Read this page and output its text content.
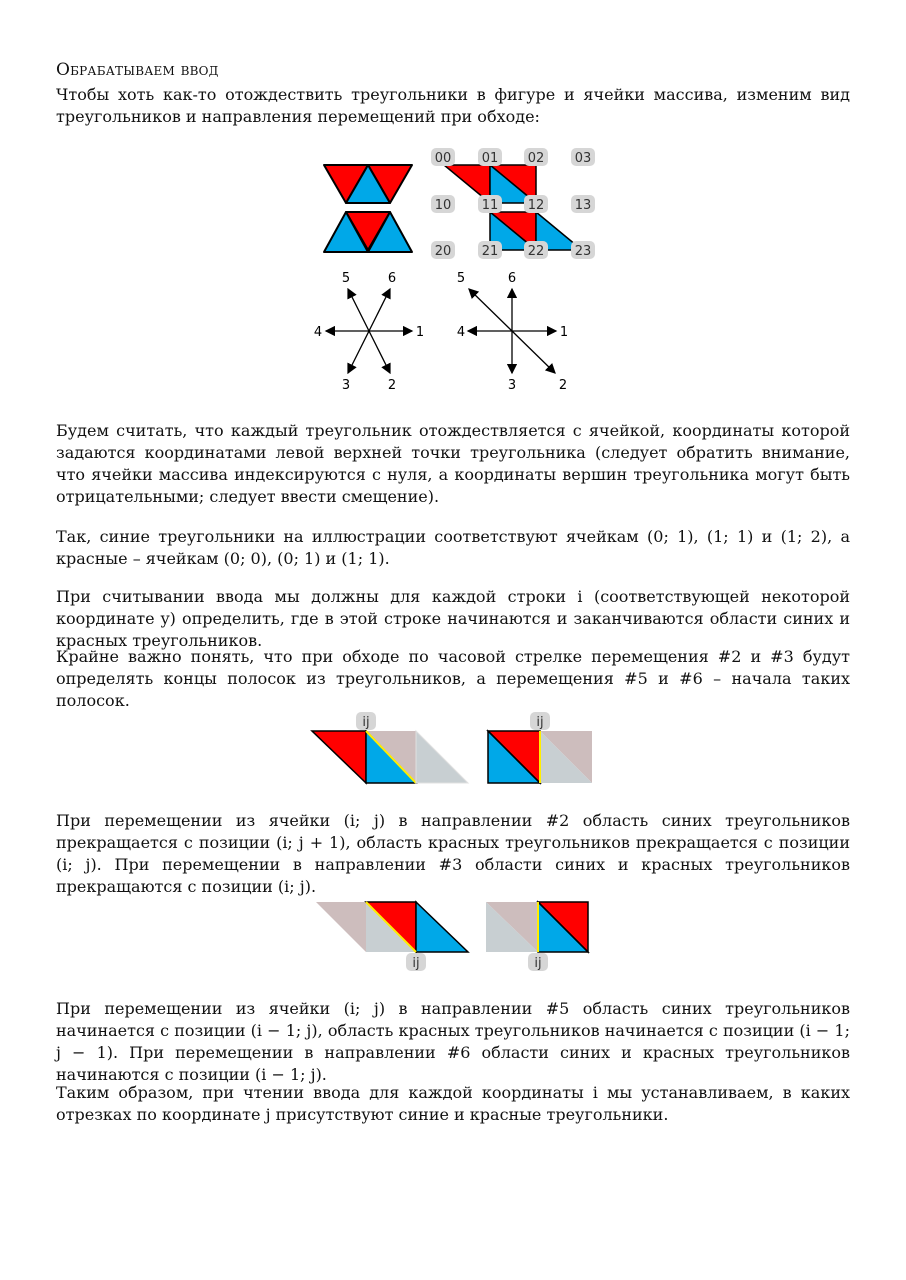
Обрабатываем ввод
Чтобы хоть как-то отождествить треугольники в фигуре и ячейки массива, изменим вид треугольников и направления перемещений при обходе:
00 01 02 03
10 11 12 13
20 21 22 23
1
2
3
4
5	6
1
2
3
4
5	6
Будем считать, что каждый треугольник отождествляется с ячейкой, координаты которой задаются координатами левой верхней точки треугольника (следует обратить внимание, что ячейки массива индексируются с нуля, а координаты вершин треугольника могут быть отрицательными; следует ввести смещение).
Так, синие треугольники на иллюстрации соответствуют ячейкам (0; 1), (1; 1) и (1; 2), а красные – ячейкам (0; 0), (0; 1) и (1; 1).
При считывании ввода мы должны для каждой строки i (соответствующей некоторой координате y) определить, где в этой строке начинаются и заканчиваются области синих и красных треугольников.
Крайне важно понять, что при обходе по часовой стрелке перемещения #2 и #3 будут определять концы полосок из треугольников, а перемещения #5 и #6 – начала таких полосок.
ij	ij
При перемещении из ячейки (i; j) в направлении #2 область синих треугольников прекращается с позиции (i; j + 1), область красных треугольников прекращается с позиции (i; j). При перемещении в направлении #3 области синих и красных треугольников прекращаются с позиции (i; j).
ij	ij
При перемещении из ячейки (i; j) в направлении #5 область синих треугольников начинается с позиции (i − 1; j), область красных треугольников начинается с позиции (i − 1; j − 1). При перемещении в направлении #6 области синих и красных треугольников начинаются с позиции (i − 1; j).
Таким образом, при чтении ввода для каждой координаты i мы устанавливаем, в каких отрезках по координате j присутствуют синие и красные треугольники.
